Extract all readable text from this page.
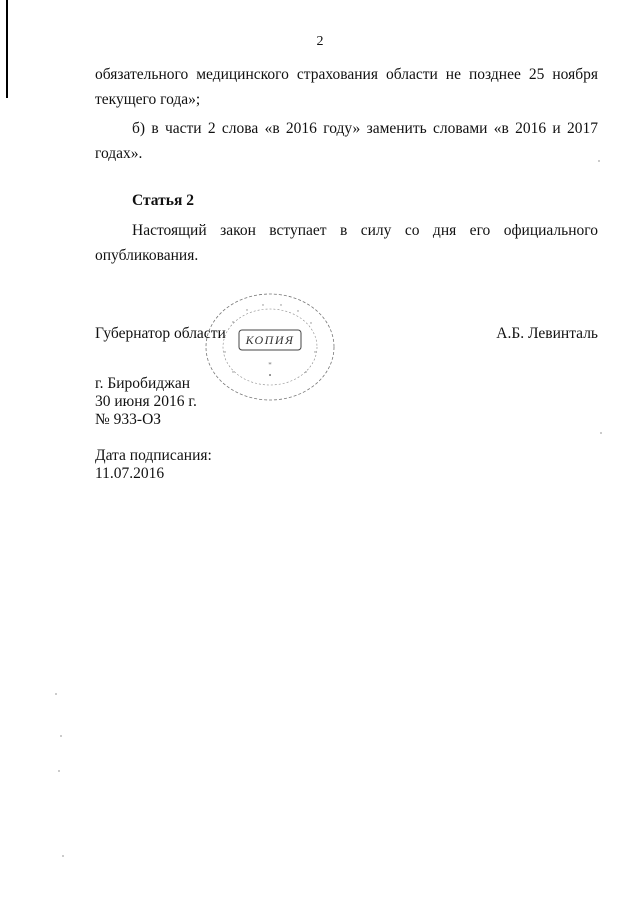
2

обязательного медицинского страхования области не позднее 25 ноября текущего года»;

б) в части 2 слова «в 2016 году» заменить словами «в 2016 и 2017 годах».

Статья 2

Настоящий закон вступает в силу со дня его официального опубликования.

Губернатор области	А.Б. Левинталь
КОПИЯ
*
•
г. Биробиджан
30 июня 2016 г.
№ 933-ОЗ
Дата подписания:
11.07.2016
